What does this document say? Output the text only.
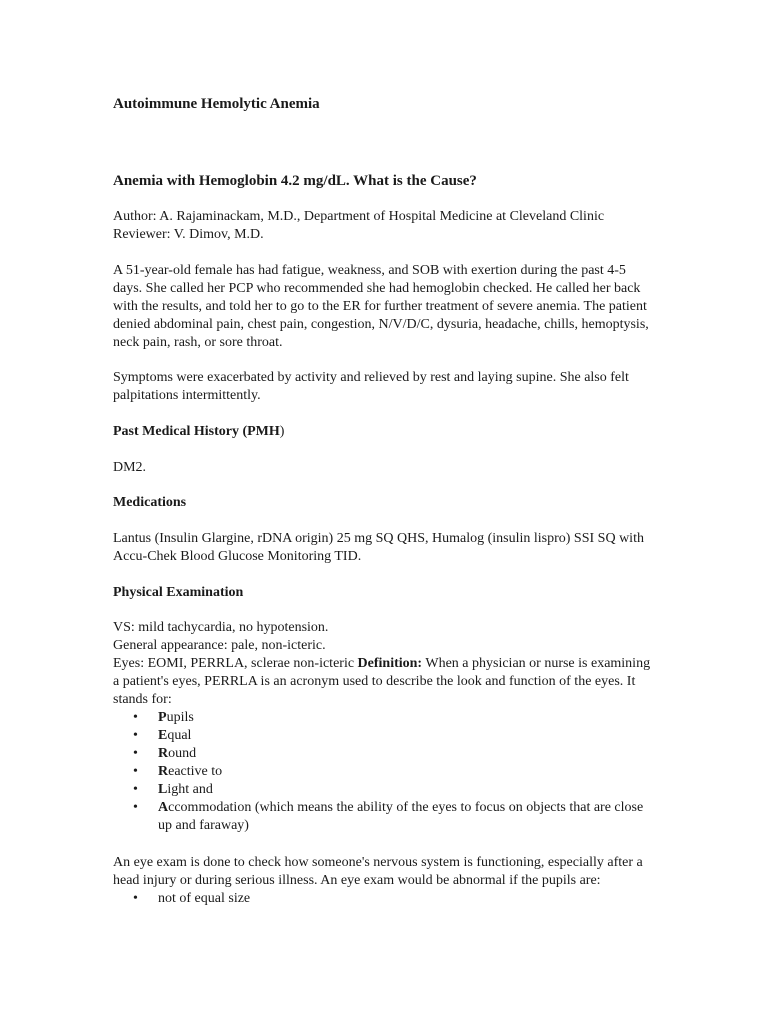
Autoimmune Hemolytic Anemia
Anemia with Hemoglobin 4.2 mg/dL. What is the Cause?

Author: A. Rajaminackam, M.D., Department of Hospital Medicine at Cleveland Clinic

Reviewer: V. Dimov, M.D.

A 51-year-old female has had fatigue, weakness, and SOB with exertion during the past 4-5 days. She called her PCP who recommended she had hemoglobin checked. He called her back with the results, and told her to go to the ER for further treatment of severe anemia. The patient denied abdominal pain, chest pain, congestion, N/V/D/C, dysuria, headache, chills, hemoptysis, neck pain, rash, or sore throat.

Symptoms were exacerbated by activity and relieved by rest and laying supine. She also felt palpitations intermittently.

Past Medical History (PMH)

DM2.

Medications

Lantus (Insulin Glargine, rDNA origin) 25 mg SQ QHS, Humalog (insulin lispro) SSI SQ with Accu-Chek Blood Glucose Monitoring TID.

Physical Examination

VS: mild tachycardia, no hypotension.

General appearance: pale, non-icteric.

Eyes: EOMI, PERRLA, sclerae non-icteric Definition: When a physician or nurse is examining a patient's eyes, PERRLA is an acronym used to describe the look and function of the eyes. It stands for:

• Pupils
• Equal
• Round
• Reactive to
• Light and
• Accommodation (which means the ability of the eyes to focus on objects that are close up and faraway)

An eye exam is done to check how someone's nervous system is functioning, especially after a head injury or during serious illness. An eye exam would be abnormal if the pupils are:

• not of equal size
